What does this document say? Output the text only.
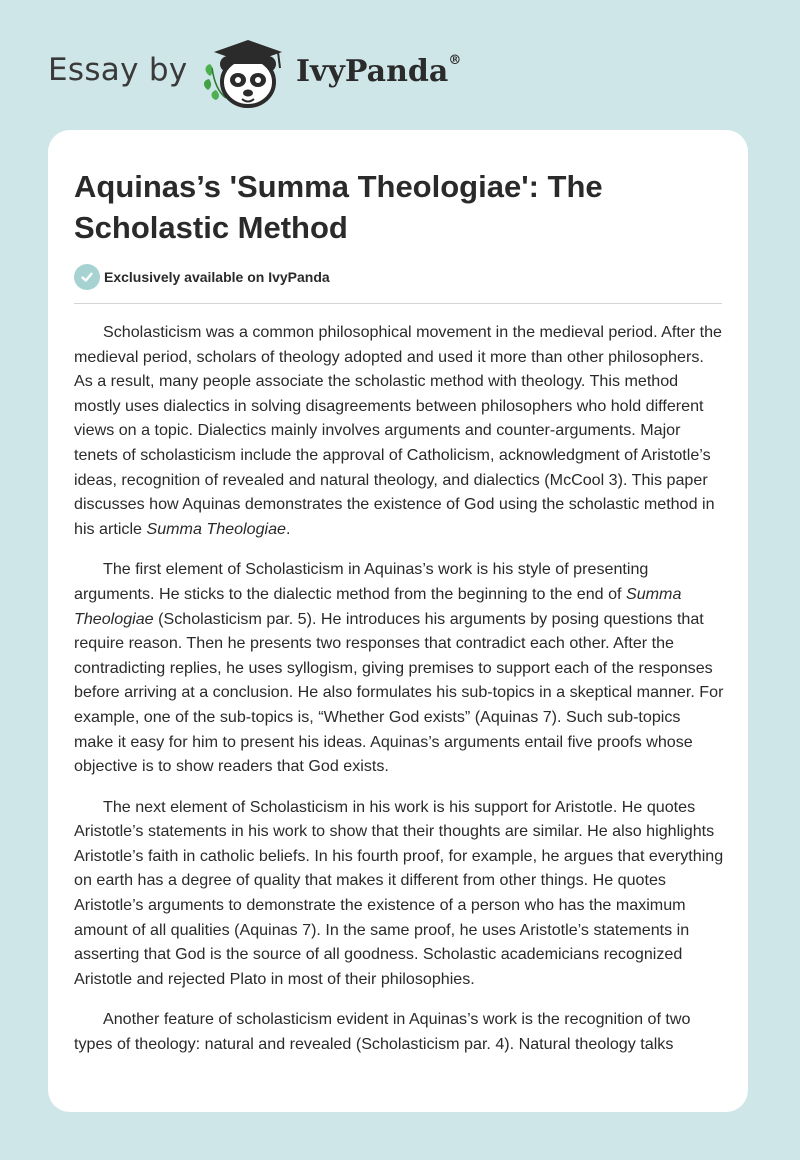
Essay by	IvyPanda®
Aquinas’s 'Summa Theologiae': The Scholastic Method
Exclusively available on IvyPanda

Scholasticism was a common philosophical movement in the medieval period. After the medieval period, scholars of theology adopted and used it more than other philosophers. As a result, many people associate the scholastic method with theology. This method mostly uses dialectics in solving disagreements between philosophers who hold different views on a topic. Dialectics mainly involves arguments and counter-arguments. Major tenets of scholasticism include the approval of Catholicism, acknowledgment of Aristotle’s ideas, recognition of revealed and natural theology, and dialectics (McCool 3). This paper discusses how Aquinas demonstrates the existence of God using the scholastic method in his article Summa Theologiae.

The first element of Scholasticism in Aquinas’s work is his style of presenting arguments. He sticks to the dialectic method from the beginning to the end of Summa Theologiae (Scholasticism par. 5). He introduces his arguments by posing questions that require reason. Then he presents two responses that contradict each other. After the contradicting replies, he uses syllogism, giving premises to support each of the responses before arriving at a conclusion. He also formulates his sub-topics in a skeptical manner. For example, one of the sub-topics is, “Whether God exists” (Aquinas 7). Such sub-topics make it easy for him to present his ideas. Aquinas’s arguments entail five proofs whose objective is to show readers that God exists.

The next element of Scholasticism in his work is his support for Aristotle. He quotes Aristotle’s statements in his work to show that their thoughts are similar. He also highlights Aristotle’s faith in catholic beliefs. In his fourth proof, for example, he argues that everything on earth has a degree of quality that makes it different from other things. He quotes Aristotle’s arguments to demonstrate the existence of a person who has the maximum amount of all qualities (Aquinas 7). In the same proof, he uses Aristotle’s statements in asserting that God is the source of all goodness. Scholastic academicians recognized Aristotle and rejected Plato in most of their philosophies.

Another feature of scholasticism evident in Aquinas’s work is the recognition of two types of theology: natural and revealed (Scholasticism par. 4). Natural theology talks
